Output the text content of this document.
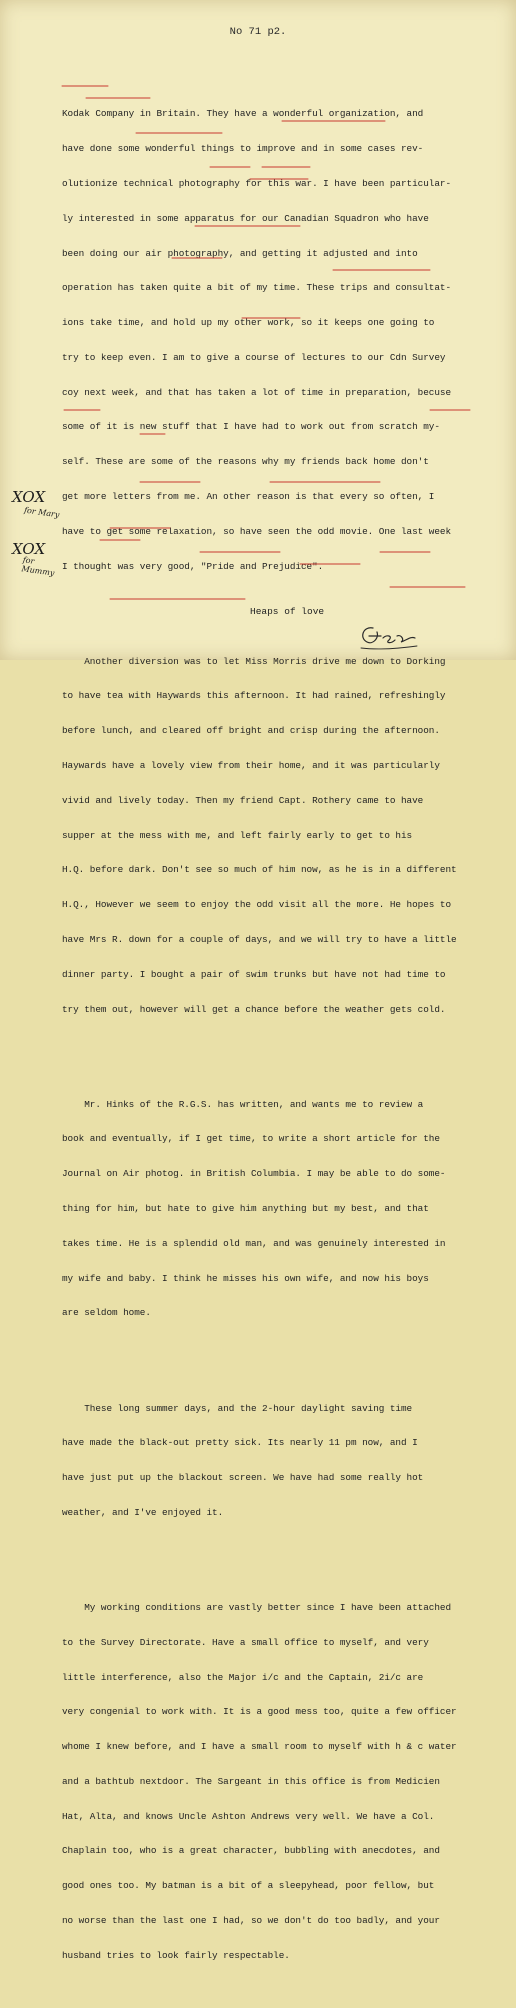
No 71 p2.

Kodak Company in Britain. They have a wonderful organization, and

have done some wonderful things to improve and in some cases rev-

olutionize technical photography for this war. I have been particular-

ly interested in some apparatus for our Canadian Squadron who have

been doing our air photography, and getting it adjusted and into

operation has taken quite a bit of my time. These trips and consultat-

ions take time, and hold up my other work, so it keeps one going to

try to keep even. I am to give a course of lectures to our Cdn Survey

coy next week, and that has taken a lot of time in preparation, becuse

some of it is new stuff that I have had to work out from scratch my-

self. These are some of the reasons why my friends back home don't

get more letters from me. An other reason is that every so often, I

have to get some relaxation, so have seen the odd movie. One last week

I thought was very good, "Pride and Prejudice".

Another diversion was to let Miss Morris drive me down to Dorking

to have tea with Haywards this afternoon. It had rained, refreshingly

before lunch, and cleared off bright and crisp during the afternoon.

Haywards have a lovely view from their home, and it was particularly

vivid and lively today. Then my friend Capt. Rothery came to have

supper at the mess with me, and left fairly early to get to his

H.Q. before dark. Don't see so much of him now, as he is in a different

H.Q., However we seem to enjoy the odd visit all the more. He hopes to

have Mrs R. down for a couple of days, and we will try to have a little

dinner party. I bought a pair of swim trunks but have not had time to

try them out, however will get a chance before the weather gets cold.

Mr. Hinks of the R.G.S. has written, and wants me to review a

book and eventually, if I get time, to write a short article for the

Journal on Air photog. in British Columbia. I may be able to do some-

thing for him, but hate to give him anything but my best, and that

takes time. He is a splendid old man, and was genuinely interested in

my wife and baby. I think he misses his own wife, and now his boys

are seldom home.

These long summer days, and the 2-hour daylight saving time

have made the black-out pretty sick. Its nearly 11 pm now, and I

have just put up the blackout screen. We have had some really hot

weather, and I've enjoyed it.

My working conditions are vastly better since I have been attached

to the Survey Directorate. Have a small office to myself, and very

little interference, also the Major i/c and the Captain, 2i/c are

very congenial to work with. It is a good mess too, quite a few officer

whome I knew before, and I have a small room to myself with h & c water

and a bathtub nextdoor. The Sargeant in this office is from Medicien

Hat, Alta, and knows Uncle Ashton Andrews very well. We have a Col.

Chaplain too, who is a great character, bubbling with anecdotes, and

good ones too. My batman is a bit of a sleepyhead, poor fellow, but

no worse than the last one I had, so we don't do too badly, and your

husband tries to look fairly respectable.

Heaps of love
XOX
for Mary
XOX
for Mummy
